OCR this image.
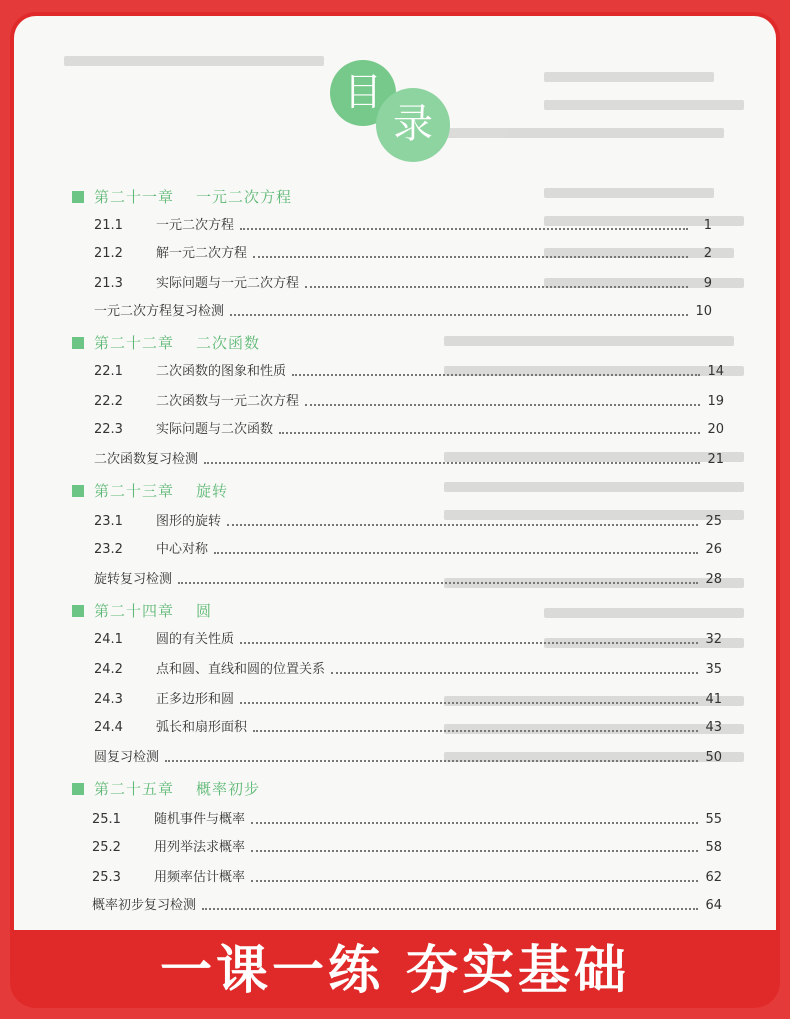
目
录
第二十一章 一元二次方程
21.1	一元二次方程	1
21.2	解一元二次方程	2
21.3	实际问题与一元二次方程	9
一元二次方程复习检测	10
第二十二章 二次函数
22.1	二次函数的图象和性质	14
22.2	二次函数与一元二次方程	19
22.3	实际问题与二次函数	20
二次函数复习检测	21
第二十三章 旋转
23.1	图形的旋转	25
23.2	中心对称	26
旋转复习检测	28
第二十四章 圆
24.1	圆的有关性质	32
24.2	点和圆、直线和圆的位置关系	35
24.3	正多边形和圆	41
24.4	弧长和扇形面积	43
圆复习检测	50
第二十五章 概率初步
25.1	随机事件与概率	55
25.2	用列举法求概率	58
25.3	用频率估计概率	62
概率初步复习检测	64
一课一练 夯实基础
